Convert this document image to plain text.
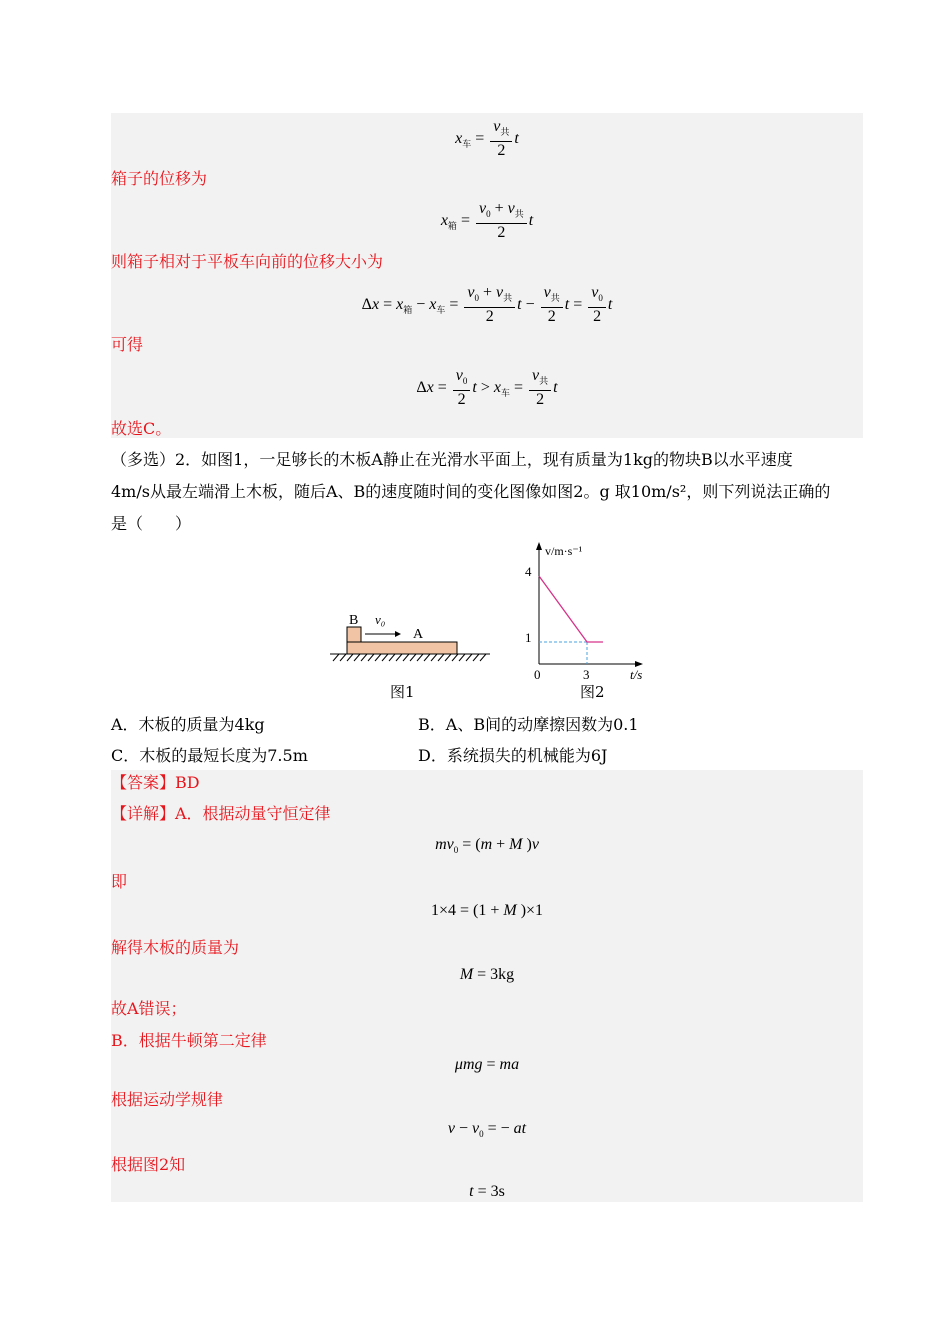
$x_车 = \frac{v_共}{2}$ t
箱子的位移为
$x_箱 = \frac{v_0 + v_共}{2}$ t
则箱子相对于平板车向前的位移大小为
$\Delta x = x_箱 - x_车 = \frac{v_0 + v_共}{2}$ $t - \frac{v_共}{2}$ $t = \frac{v_0}{2}$ t
可得
$\Delta x = \frac{v_0}{2}$ $t > x_车 = \frac{v_共}{2}$ t
故选C。
（多选）2．如图1，一足够长的木板A静止在光滑水平面上，现有质量为1kg的物块B以水平速度
4m/s从最左端滑上木板，随后A、B的速度随时间的变化图像如图2。g 取10m/s²，则下列说法正确的
是（　　）
B v₀
A
图1
v/m·s⁻¹
4
1
0	3	t/s
图2
A．木板的质量为4kg	B．A、B间的动摩擦因数为0.1
C．木板的最短长度为7.5m	D．系统损失的机械能为6J
【答案】BD
【详解】A．根据动量守恒定律
$mv_0 = (m + M$ )v
即
1×4 = (1 + M )×1
解得木板的质量为
M = 3kg
故A错误；
B．根据牛顿第二定律
μmg = ma
根据运动学规律
$v - v_0$ = − at
根据图2知
t = 3s
